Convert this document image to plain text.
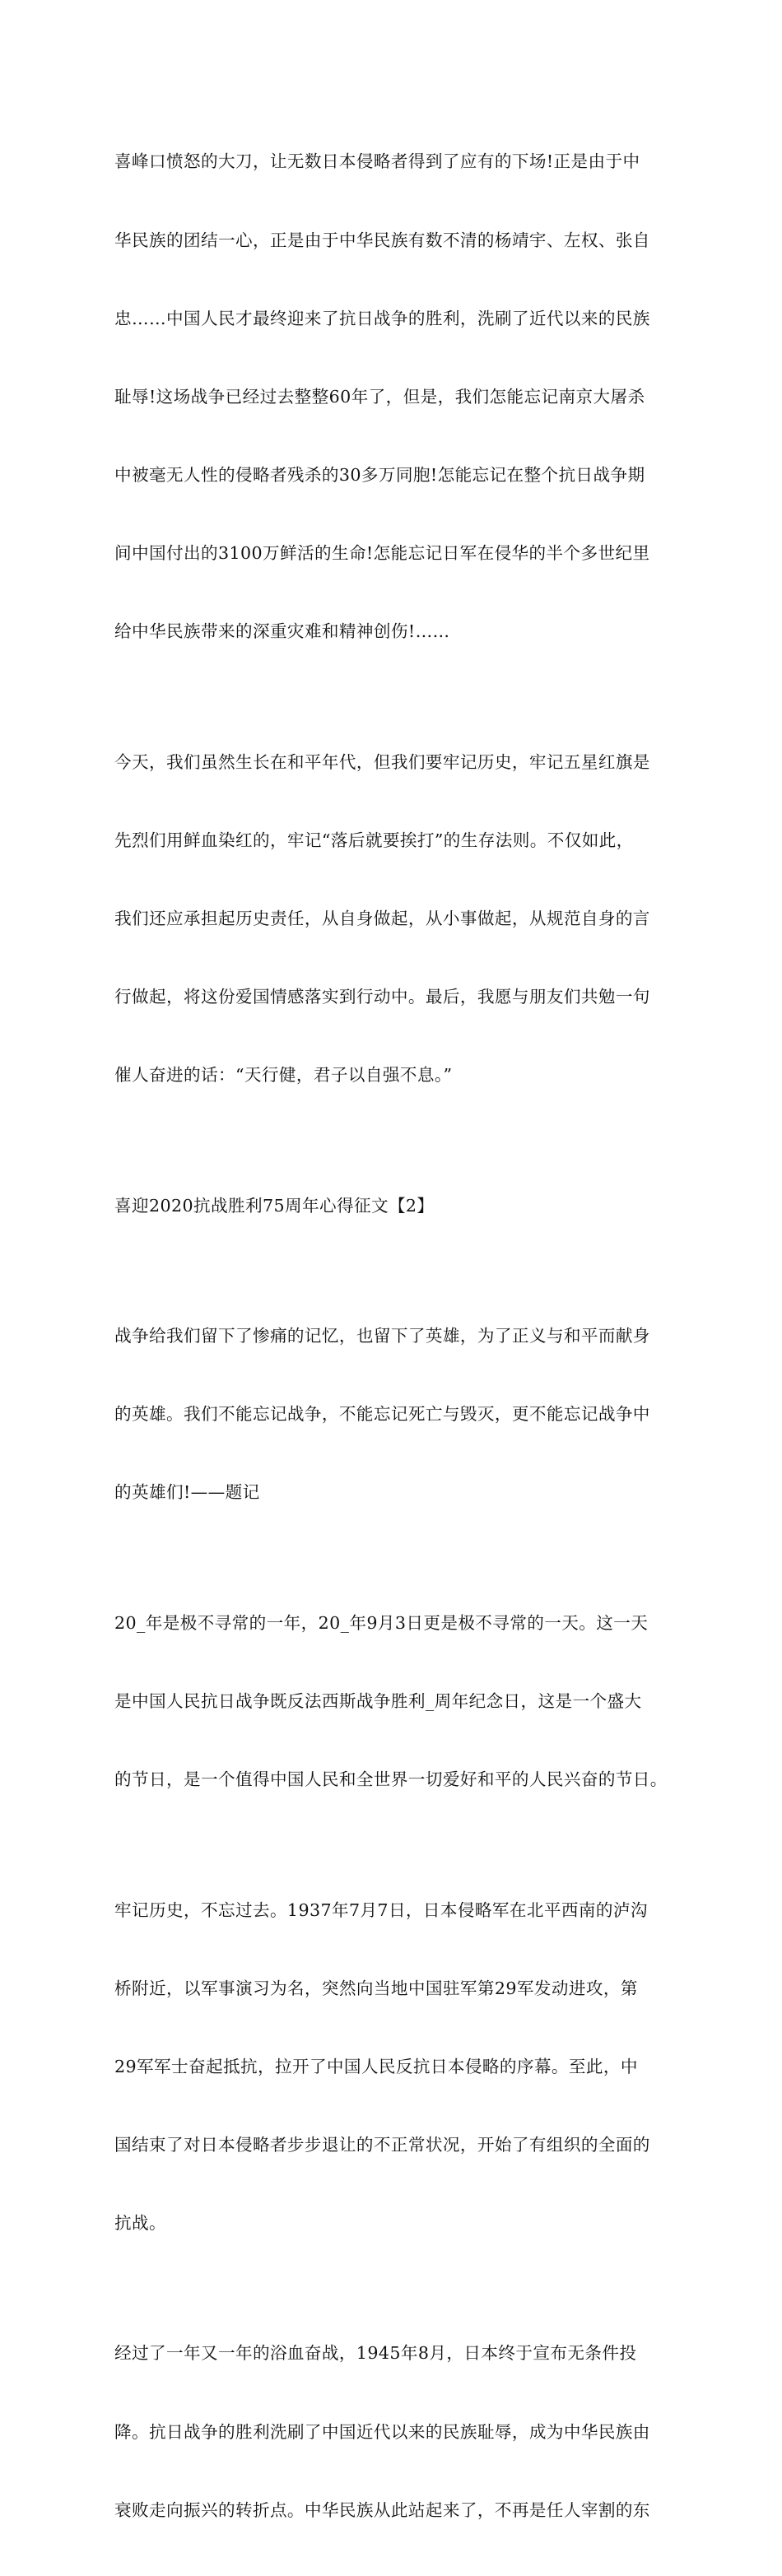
喜峰口愤怒的大刀，让无数日本侵略者得到了应有的下场!正是由于中

华民族的团结一心，正是由于中华民族有数不清的杨靖宇、左权、张自

忠……中国人民才最终迎来了抗日战争的胜利，洗刷了近代以来的民族

耻辱!这场战争已经过去整整60年了，但是，我们怎能忘记南京大屠杀

中被毫无人性的侵略者残杀的30多万同胞!怎能忘记在整个抗日战争期

间中国付出的3100万鲜活的生命!怎能忘记日军在侵华的半个多世纪里

给中华民族带来的深重灾难和精神创伤!……

今天，我们虽然生长在和平年代，但我们要牢记历史，牢记五星红旗是

先烈们用鲜血染红的，牢记“落后就要挨打”的生存法则。不仅如此，

我们还应承担起历史责任，从自身做起，从小事做起，从规范自身的言

行做起，将这份爱国情感落实到行动中。最后，我愿与朋友们共勉一句

催人奋进的话：“天行健，君子以自强不息。”

喜迎2020抗战胜利75周年心得征文【2】

战争给我们留下了惨痛的记忆，也留下了英雄，为了正义与和平而献身

的英雄。我们不能忘记战争，不能忘记死亡与毁灭，更不能忘记战争中

的英雄们!——题记

20_年是极不寻常的一年，20_年9月3日更是极不寻常的一天。这一天

是中国人民抗日战争既反法西斯战争胜利_周年纪念日，这是一个盛大

的节日，是一个值得中国人民和全世界一切爱好和平的人民兴奋的节日。

牢记历史，不忘过去。1937年7月7日，日本侵略军在北平西南的泸沟

桥附近，以军事演习为名，突然向当地中国驻军第29军发动进攻，第

29军军士奋起抵抗，拉开了中国人民反抗日本侵略的序幕。至此，中

国结束了对日本侵略者步步退让的不正常状况，开始了有组织的全面的

抗战。

经过了一年又一年的浴血奋战，1945年8月，日本终于宣布无条件投

降。抗日战争的胜利洗刷了中国近代以来的民族耻辱，成为中华民族由

衰败走向振兴的转折点。中华民族从此站起来了，不再是任人宰割的东
